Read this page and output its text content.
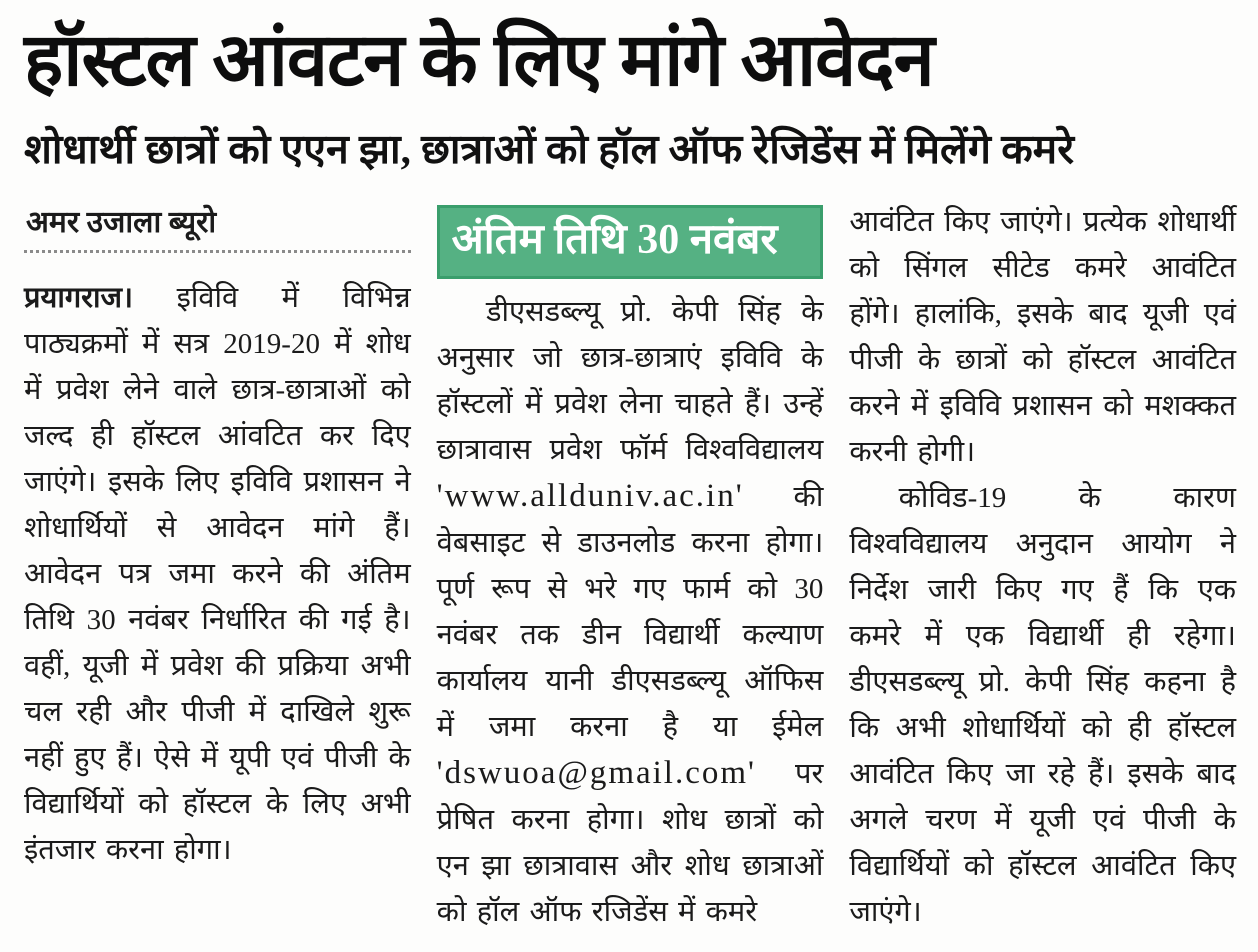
हॉस्टल आंवटन के लिए मांगे आवेदन
शोधार्थी छात्रों को एएन झा, छात्राओं को हॉल ऑफ रेजिडेंस में मिलेंगे कमरे
अमर उजाला ब्यूरो

प्रयागराज। इविवि में विभिन्न पाठ्यक्रमों में सत्र 2019-20 में शोध में प्रवेश लेने वाले छात्र-छात्राओं को जल्द ही हॉस्टल आंवटित कर दिए जाएंगे। इसके लिए इविवि प्रशासन ने शोधार्थियों से आवेदन मांगे हैं। आवेदन पत्र जमा करने की अंतिम तिथि 30 नवंबर निर्धारित की गई है। वहीं, यूजी में प्रवेश की प्रक्रिया अभी चल रही और पीजी में दाखिले शुरू नहीं हुए हैं। ऐसे में यूपी एवं पीजी के विद्यार्थियों को हॉस्टल के लिए अभी इंतजार करना होगा।

अंतिम तिथि 30 नवंबर

डीएसडब्ल्यू प्रो. केपी सिंह के अनुसार जो छात्र-छात्राएं इविवि के हॉस्टलों में प्रवेश लेना चाहते हैं। उन्हें छात्रावास प्रवेश फॉर्म विश्वविद्यालय 'www.allduniv.ac.in' की वेबसाइट से डाउनलोड करना होगा। पूर्ण रूप से भरे गए फार्म को 30 नवंबर तक डीन विद्यार्थी कल्याण कार्यालय यानी डीएसडब्ल्यू ऑफिस में जमा करना है या ईमेल 'dswuoa@gmail.com' पर प्रेषित करना होगा। शोध छात्रों को एन झा छात्रावास और शोध छात्राओं को हॉल ऑफ रजिडेंस में कमरे

आवंटित किए जाएंगे। प्रत्येक शोधार्थी को सिंगल सीटेड कमरे आवंटित होंगे। हालांकि, इसके बाद यूजी एवं पीजी के छात्रों को हॉस्टल आवंटित करने में इविवि प्रशासन को मशक्कत करनी होगी।

कोविड-19 के कारण विश्वविद्यालय अनुदान आयोग ने निर्देश जारी किए गए हैं कि एक कमरे में एक विद्यार्थी ही रहेगा। डीएसडब्ल्यू प्रो. केपी सिंह कहना है कि अभी शोधार्थियों को ही हॉस्टल आवंटित किए जा रहे हैं। इसके बाद अगले चरण में यूजी एवं पीजी के विद्यार्थियों को हॉस्टल आवंटित किए जाएंगे।
